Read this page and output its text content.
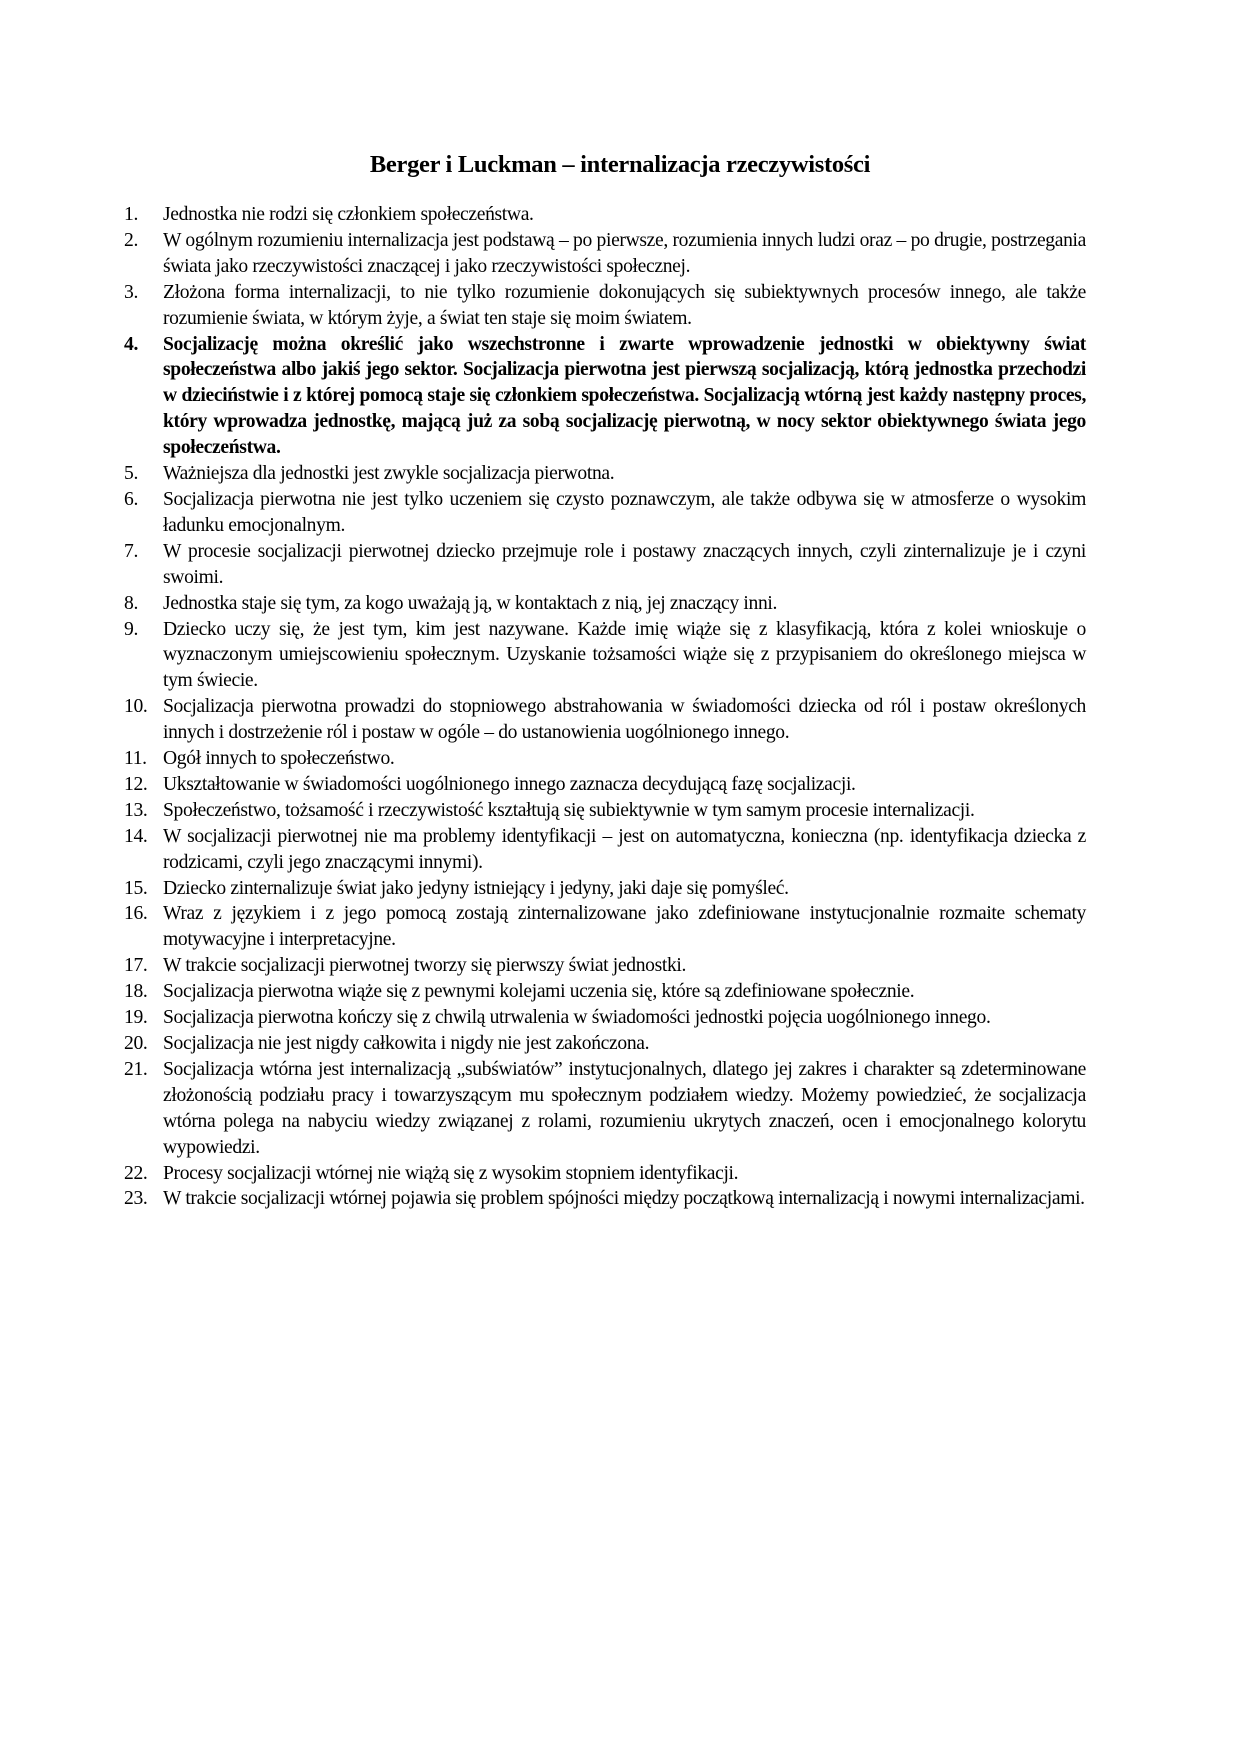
Berger i Luckman – internalizacja rzeczywistości
1.	Jednostka nie rodzi się członkiem społeczeństwa.
2.	W ogólnym rozumieniu internalizacja jest podstawą – po pierwsze, rozumienia innych ludzi oraz – po drugie, postrzegania świata jako rzeczywistości znaczącej i jako rzeczywistości społecznej.
3.	Złożona forma internalizacji, to nie tylko rozumienie dokonujących się subiektywnych procesów innego, ale także rozumienie świata, w którym żyje, a świat ten staje się moim światem.
4.	Socjalizację można określić jako wszechstronne i zwarte wprowadzenie jednostki w obiektywny świat społeczeństwa albo jakiś jego sektor. Socjalizacja pierwotna jest pierwszą socjalizacją, którą jednostka przechodzi w dzieciństwie i z której pomocą staje się członkiem społeczeństwa. Socjalizacją wtórną jest każdy następny proces, który wprowadza jednostkę, mającą już za sobą socjalizację pierwotną, w nocy sektor obiektywnego świata jego społeczeństwa.
5.	Ważniejsza dla jednostki jest zwykle socjalizacja pierwotna.
6.	Socjalizacja pierwotna nie jest tylko uczeniem się czysto poznawczym, ale także odbywa się w atmosferze o wysokim ładunku emocjonalnym.
7.	W procesie socjalizacji pierwotnej dziecko przejmuje role i postawy znaczących innych, czyli zinternalizuje je i czyni swoimi.
8.	Jednostka staje się tym, za kogo uważają ją, w kontaktach z nią, jej znaczący inni.
9.	Dziecko uczy się, że jest tym, kim jest nazywane. Każde imię wiąże się z klasyfikacją, która z kolei wnioskuje o wyznaczonym umiejscowieniu społecznym. Uzyskanie tożsamości wiąże się z przypisaniem do określonego miejsca w tym świecie.
10. Socjalizacja pierwotna prowadzi do stopniowego abstrahowania w świadomości dziecka od ról i postaw określonych innych i dostrzeżenie ról i postaw w ogóle – do ustanowienia uogólnionego innego.
11. Ogół innych to społeczeństwo.
12. Ukształtowanie w świadomości uogólnionego innego zaznacza decydującą fazę socjalizacji.
13. Społeczeństwo, tożsamość i rzeczywistość kształtują się subiektywnie w tym samym procesie internalizacji.
14. W socjalizacji pierwotnej nie ma problemy identyfikacji – jest on automatyczna, konieczna (np. identyfikacja dziecka z rodzicami, czyli jego znaczącymi innymi).
15. Dziecko zinternalizuje świat jako jedyny istniejący i jedyny, jaki daje się pomyśleć.
16. Wraz z językiem i z jego pomocą zostają zinternalizowane jako zdefiniowane instytucjonalnie rozmaite schematy motywacyjne i interpretacyjne.
17. W trakcie socjalizacji pierwotnej tworzy się pierwszy świat jednostki.
18. Socjalizacja pierwotna wiąże się z pewnymi kolejami uczenia się, które są zdefiniowane społecznie.
19. Socjalizacja pierwotna kończy się z chwilą utrwalenia w świadomości jednostki pojęcia uogólnionego innego.
20. Socjalizacja nie jest nigdy całkowita i nigdy nie jest zakończona.
21. Socjalizacja wtórna jest internalizacją „subświatów” instytucjonalnych, dlatego jej zakres i charakter są zdeterminowane złożonością podziału pracy i towarzyszącym mu społecznym podziałem wiedzy. Możemy powiedzieć, że socjalizacja wtórna polega na nabyciu wiedzy związanej z rolami, rozumieniu ukrytych znaczeń, ocen i emocjonalnego kolorytu wypowiedzi.
22. Procesy socjalizacji wtórnej nie wiążą się z wysokim stopniem identyfikacji.
23. W trakcie socjalizacji wtórnej pojawia się problem spójności między początkową internalizacją i nowymi internalizacjami.
